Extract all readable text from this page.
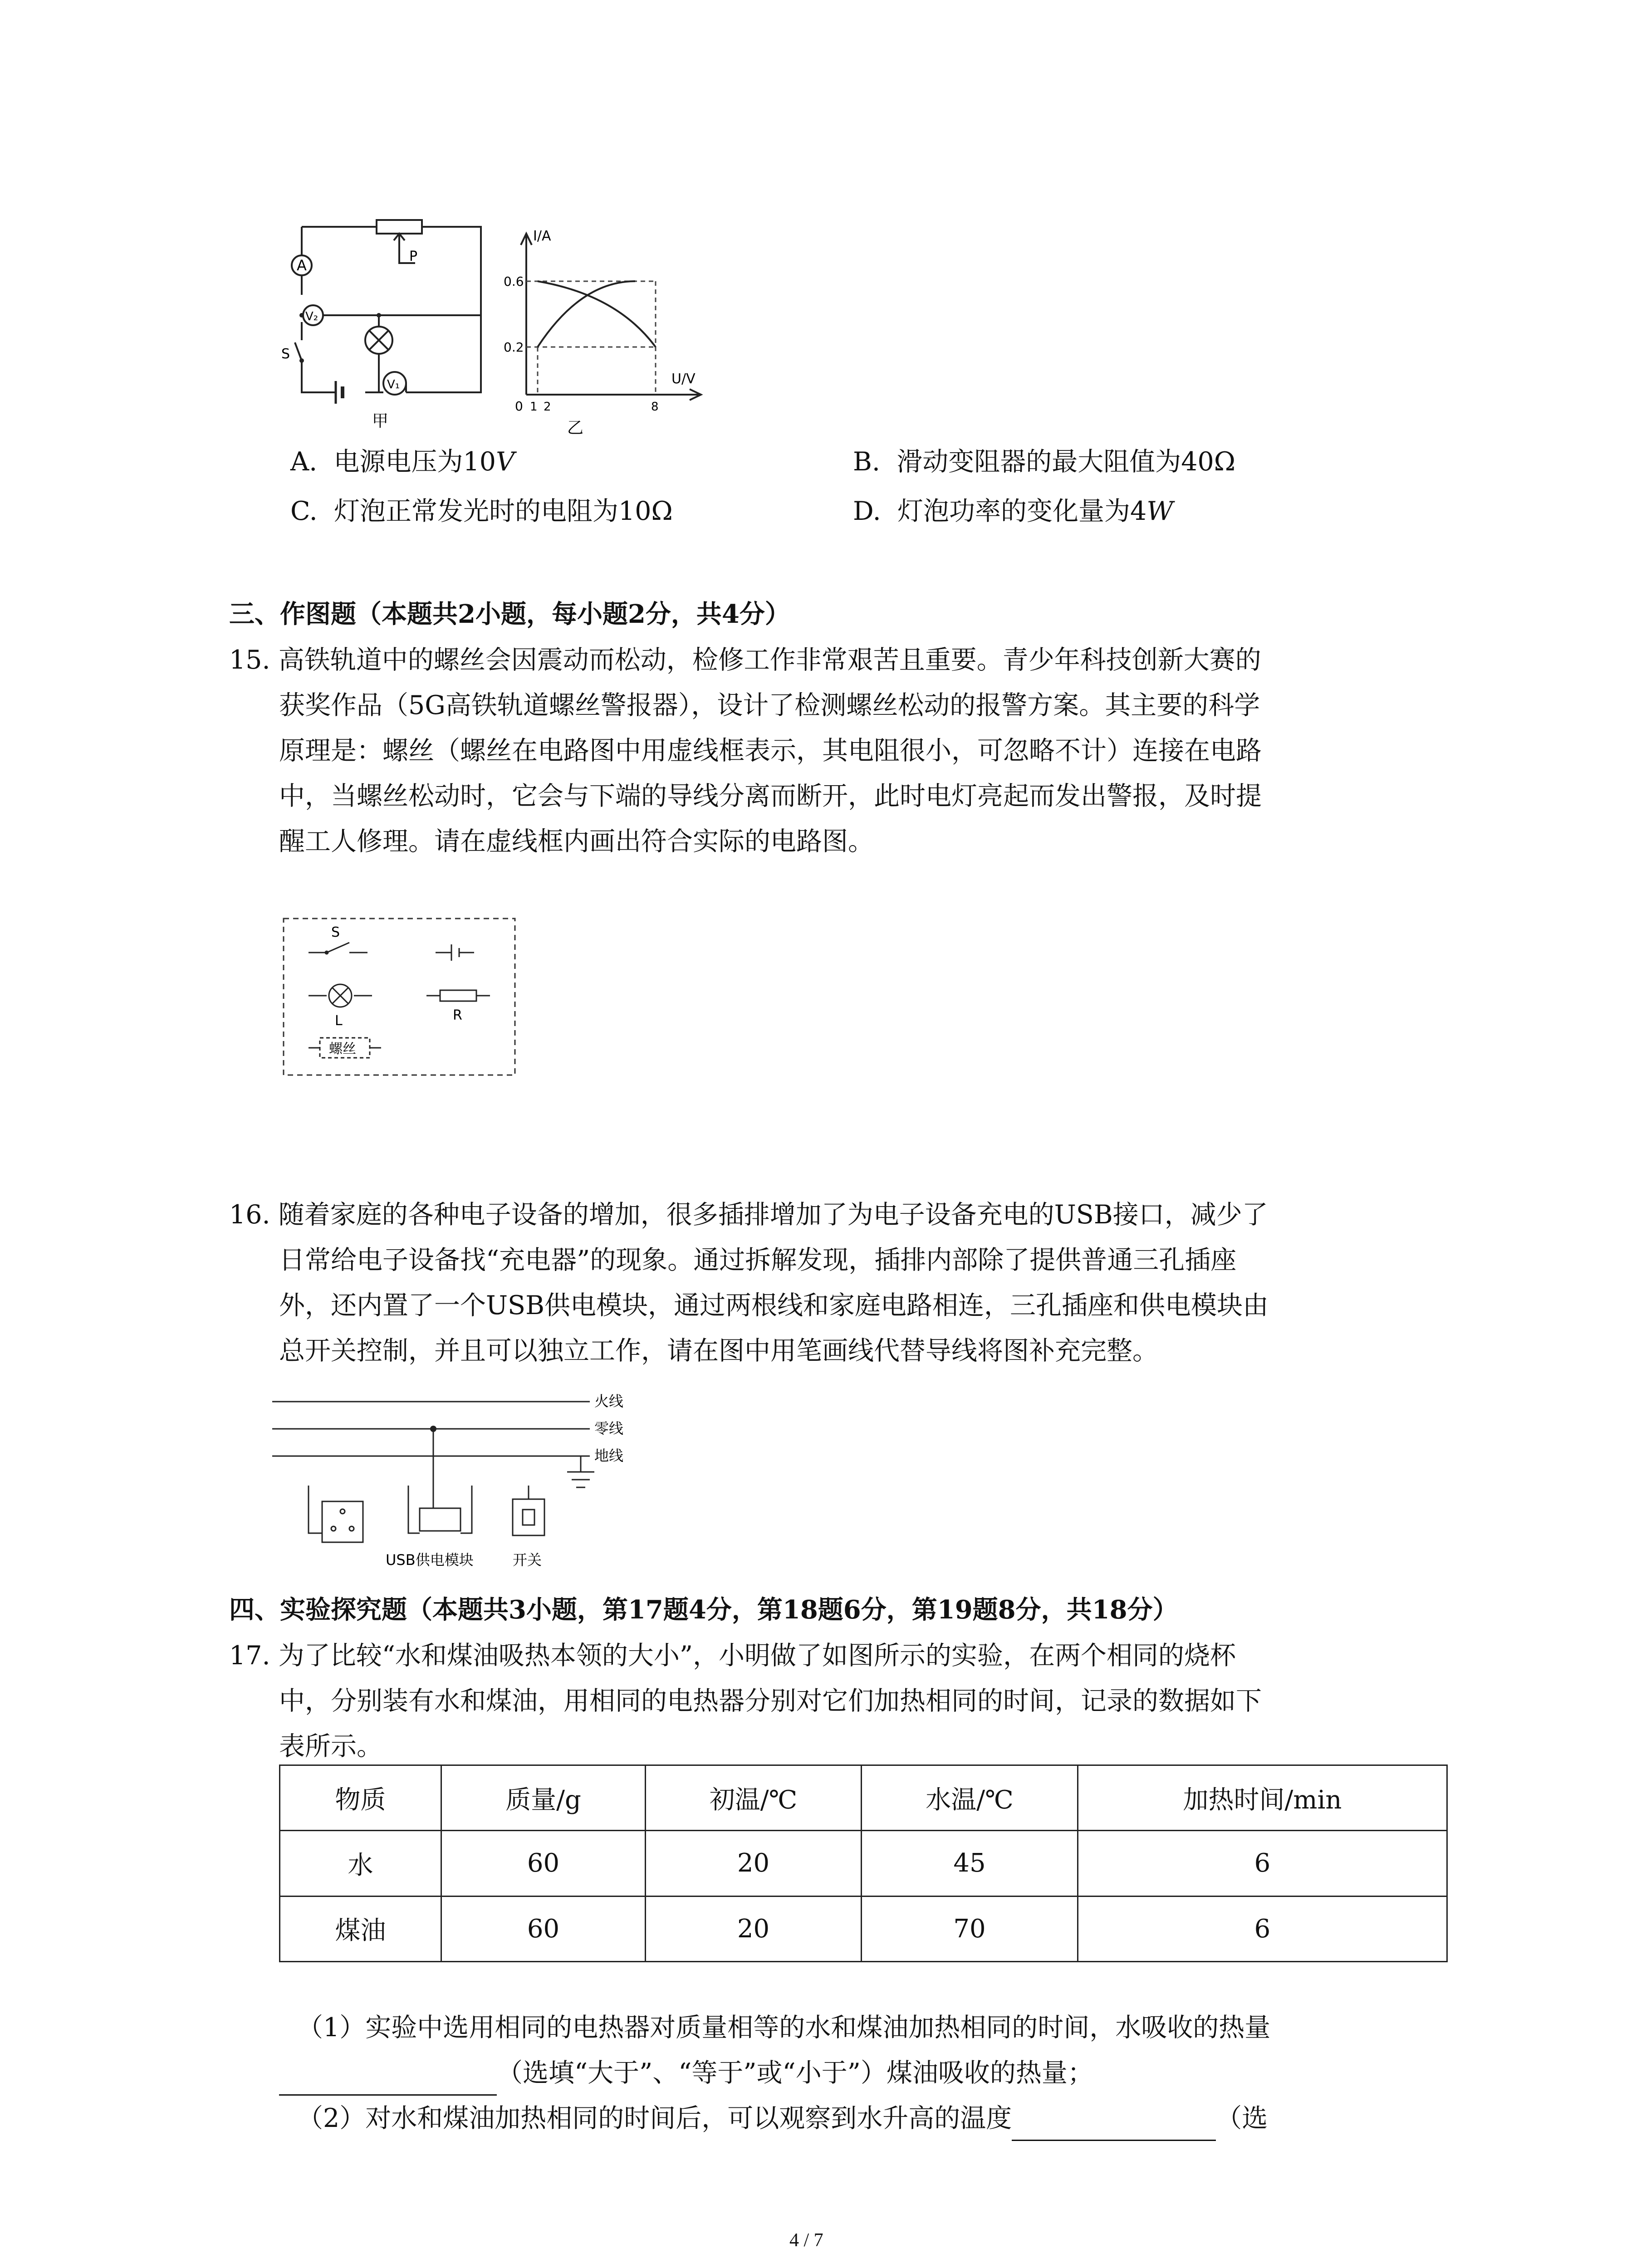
A
V₂
V₁
S
P
甲
I/A
U/V
0.6
0.2
0 1 2	8
乙
A. 电源电压为10V	B. 滑动变阻器的最大阻值为40Ω
C. 灯泡正常发光时的电阻为10Ω	D. 灯泡功率的变化量为4W
三、作图题（本题共2小题，每小题2分，共4分）
15. 高铁轨道中的螺丝会因震动而松动，检修工作非常艰苦且重要。青少年科技创新大赛的
获奖作品（5G高铁轨道螺丝警报器），设计了检测螺丝松动的报警方案。其主要的科学
原理是：螺丝（螺丝在电路图中用虚线框表示，其电阻很小，可忽略不计）连接在电路
中，当螺丝松动时，它会与下端的导线分离而断开，此时电灯亮起而发出警报，及时提
醒工人修理。请在虚线框内画出符合实际的电路图。
S
L	R
螺丝
16. 随着家庭的各种电子设备的增加，很多插排增加了为电子设备充电的USB接口，减少了
日常给电子设备找“充电器”的现象。通过拆解发现，插排内部除了提供普通三孔插座
外，还内置了一个USB供电模块，通过两根线和家庭电路相连，三孔插座和供电模块由
总开关控制，并且可以独立工作，请在图中用笔画线代替导线将图补充完整。
火线
零线
地线
USB供电模块	开关
四、实验探究题（本题共3小题，第17题4分，第18题6分，第19题8分，共18分）
17. 为了比较“水和煤油吸热本领的大小”，小明做了如图所示的实验，在两个相同的烧杯
中，分别装有水和煤油，用相同的电热器分别对它们加热相同的时间，记录的数据如下
表所示。
物质	质量/g	初温/℃	水温/℃	加热时间/min
水	60	20	45	6
煤油	60	20	70	6
（1）实验中选用相同的电热器对质量相等的水和煤油加热相同的时间，水吸收的热量
（选填“大于”、“等于”或“小于”）煤油吸收的热量；
（2）对水和煤油加热相同的时间后，可以观察到水升高的温度	（选
4 / 7
